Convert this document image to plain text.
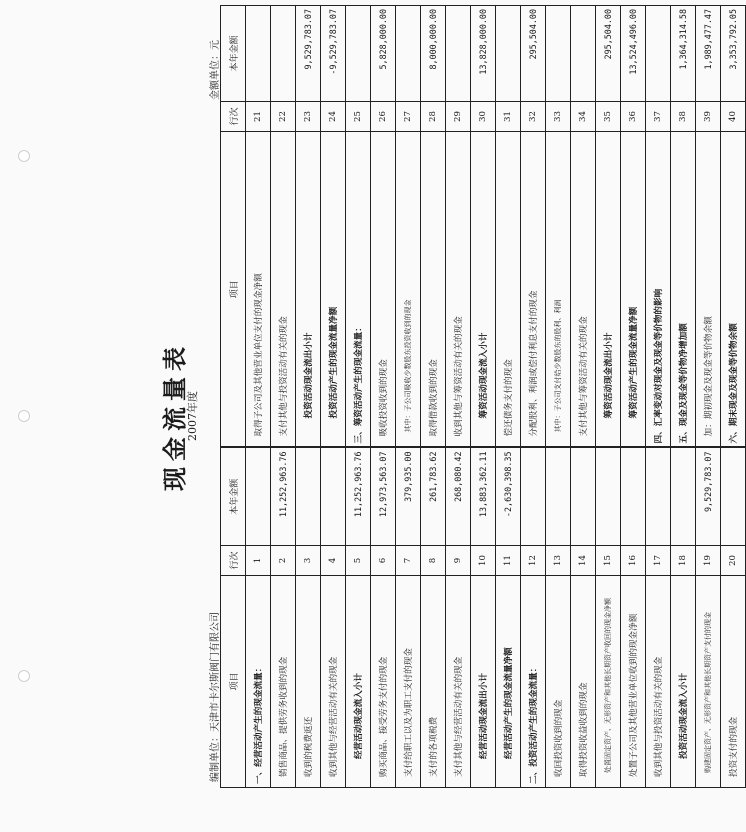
现金流量表
2007年度
编制单位：天津市卡尔斯阀门有限公司
金额单位：元
项目	行次	本年金额	项目	行次	本年金额
一、经营活动产生的现金流量：	1		取得子公司及其他营业单位支付的现金净额	21	
销售商品、提供劳务收到的现金	2	11,252,963.76	支付其他与投资活动有关的现金	22	
收到的税费返还	3		投资活动现金流出小计	23	9,529,783.07
收到其他与经营活动有关的现金	4		投资活动产生的现金流量净额	24	-9,529,783.07
经营活动现金流入小计	5	11,252,963.76	三、筹资活动产生的现金流量：	25	
购买商品、接受劳务支付的现金	6	12,973,563.07	吸收投资收到的现金	26	5,828,000.00
支付给职工以及为职工支付的现金	7	379,935.00	其中：子公司吸收少数股东投资收到的现金	27	
支付的各项税费	8	261,783.62	取得借款收到的现金	28	8,000,000.00
支付其他与经营活动有关的现金	9	268,080.42	收到其他与筹资活动有关的现金	29	
经营活动现金流出小计	10	13,883,362.11	筹资活动现金流入小计	30	13,828,000.00
经营活动产生的现金流量净额	11	-2,630,398.35	偿还债务支付的现金	31	
二、投资活动产生的现金流量：	12		分配股利、利润或偿付利息支付的现金	32	295,504.00
收回投资收到的现金	13		其中：子公司支付给少数股东的股利、利润	33	
取得投资收益收到的现金	14		支付其他与筹资活动有关的现金	34	
处置固定资产、无形资产和其他长期资产收回的现金净额	15		筹资活动现金流出小计	35	295,504.00
处置子公司及其他营业单位收到的现金净额	16		筹资活动产生的现金流量净额	36	13,524,496.00
收到其他与投资活动有关的现金	17		四、汇率变动对现金及现金等价物的影响	37	
投资活动现金流入小计	18		五、现金及现金等价物净增加额	38	1,364,314.58
购建固定资产、无形资产和其他长期资产支付的现金	19	9,529,783.07	加：期初现金及现金等价物余额	39	1,989,477.47
投资支付的现金	20		六、期末现金及现金等价物余额	40	3,353,792.05
